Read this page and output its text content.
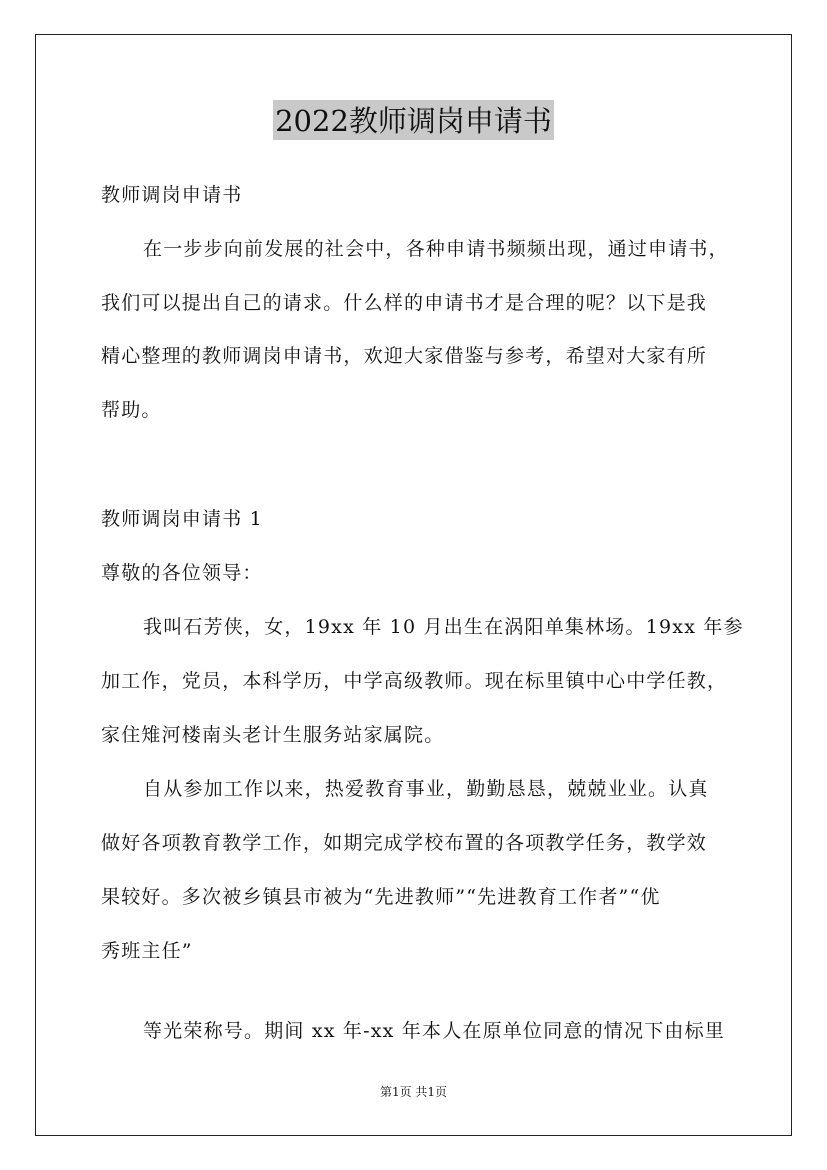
2022教师调岗申请书
教师调岗申请书
在一步步向前发展的社会中，各种申请书频频出现，通过申请书，
我们可以提出自己的请求。什么样的申请书才是合理的呢？以下是我
精心整理的教师调岗申请书，欢迎大家借鉴与参考，希望对大家有所
帮助。
教师调岗申请书 1
尊敬的各位领导：
我叫石芳侠，女，19xx 年 10 月出生在涡阳单集林场。19xx 年参
加工作，党员，本科学历，中学高级教师。现在标里镇中心中学任教，
家住雉河楼南头老计生服务站家属院。
自从参加工作以来，热爱教育事业，勤勤恳恳，兢兢业业。认真
做好各项教育教学工作，如期完成学校布置的各项教学任务，教学效
果较好。多次被乡镇县市被为“先进教师”“先进教育工作者”“优
秀班主任”
等光荣称号。期间 xx 年-xx 年本人在原单位同意的情况下由标里
第1页 共1页
